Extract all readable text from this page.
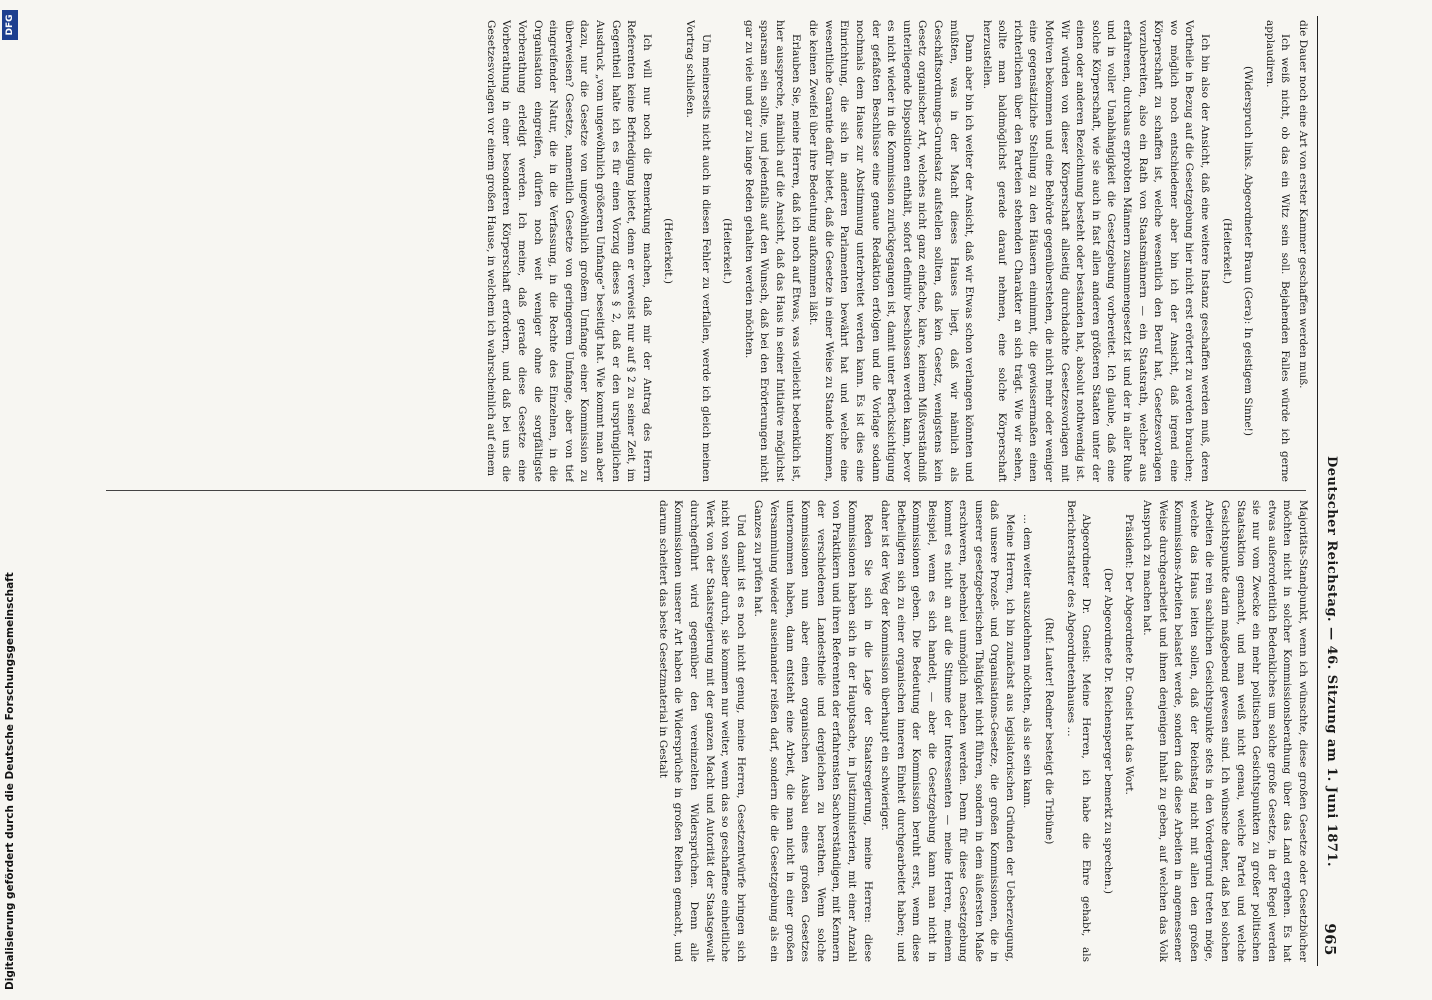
Deutscher Reichstag. — 46. Sitzung am 1. Juni 1871.
965

die Dauer noch eine Art von erster Kammer geschaffen werden muß.

Ich weiß nicht, ob das ein Witz sein soll. Bejahenden Falles würde ich gerne applaudiren.

(Widerspruch links. Abgeordneter Braun (Gera): In geistigem Sinne!)

(Heiterkeit.)

Ich bin also der Ansicht, daß eine weitere Instanz geschaffen werden muß, deren Vortheile in Bezug auf die Gesetzgebung hier nicht erst erörtert zu werden brauchen; wo möglich noch entschiedener aber bin ich der Ansicht, daß irgend eine Körperschaft zu schaffen ist, welche wesentlich den Beruf hat, Gesetzesvorlagen vorzubereiten, also ein Rath von Staatsmännern — ein Staatsrath, welcher aus erfahrenen, durchaus erprobten Männern zusammengesetzt ist und der in aller Ruhe und in voller Unabhängigkeit die Gesetzgebung vorbereitet. Ich glaube, daß eine solche Körperschaft, wie sie auch in fast allen anderen größeren Staaten unter der einen oder anderen Bezeichnung besteht oder bestanden hat, absolut nothwendig ist. Wir würden von dieser Körperschaft allseitig durchdachte Gesetzesvorlagen mit Motiven bekommen und eine Behörde gegenüberstehen, die nicht mehr oder weniger eine gegensätzliche Stellung zu den Häusern einnimmt, die gewissermaßen einen richterlichen über den Parteien stehenden Charakter an sich trägt. Wie wir sehen, sollte man baldmöglichst gerade darauf nehmen, eine solche Körperschaft herzustellen.

Dann aber bin ich weiter der Ansicht, daß wir Etwas schon verlangen könnten und müßten, was in der Macht dieses Hauses liegt, daß wir nämlich als Geschäftsordnungs-Grundsatz aufstellen sollten, daß kein Gesetz, wenigstens kein Gesetz organischer Art, welches nicht ganz einfache, klare, keinem Mißverständniß unterliegende Dispositionen enthält, sofort definitiv beschlossen werden kann, bevor es nicht wieder in die Kommission zurückgegangen ist, damit unter Berücksichtigung der gefaßten Beschlüsse eine genaue Redaktion erfolgen und die Vorlage sodann nochmals dem Hause zur Abstimmung unterbreitet werden kann. Es ist dies eine Einrichtung, die sich in anderen Parlamenten bewährt hat und welche eine wesentliche Garantie dafür bietet, daß die Gesetze in einer Weise zu Stande kommen, die keinen Zweifel über ihre Bedeutung aufkommen läßt.

Erlauben Sie, meine Herren, daß ich noch auf Etwas, was vielleicht bedenklich ist, hier ausspreche, nämlich auf die Ansicht, daß das Haus in seiner Initiative möglichst sparsam sein sollte, und jedenfalls auf den Wunsch, daß bei den Erörterungen nicht gar zu viele und gar zu lange Reden gehalten werden möchten.

(Heiterkeit.)

Um meinerseits nicht auch in diesen Fehler zu verfallen, werde ich gleich meinen Vortrag schließen.

(Heiterkeit.)

Ich will nur noch die Bemerkung machen, daß mir der Antrag des Herrn Referenten keine Befriedigung bietet, denn er verweist nur auf § 2 zu seiner Zeit, im Gegentheil halte ich es für einen Vorzug dieses § 2, daß er den ursprünglichen Ausdruck „vom ungewöhnlich größeren Umfange“ beseitigt hat. Wie kommt man aber dazu, nur die Gesetze von ungewöhnlich großem Umfange einer Kommission zu überweisen? Gesetze, namentlich Gesetze von geringerem Umfange, aber von tief eingreifender Natur, die in die Verfassung, in die Rechte des Einzelnen, in die Organisation eingreifen, dürfen noch weit weniger ohne die sorgfältigste Vorberathung erledigt werden. Ich meine, daß gerade diese Gesetze eine Vorberathung in einer besonderen Körperschaft erfordern, und daß bei uns die Gesetzesvorlagen vor einem großen Hause, in welchem ich wahrscheinlich auf einem

Majoritäts-Standpunkt, wenn ich wünschte, diese großen Gesetze oder Gesetzbücher möchten nicht in solcher Kommissionsberathung über das Land ergehen. Es hat etwas außerordentlich Bedenkliches um solche große Gesetze, in der Regel werden sie nur vom Zwecke ein mehr politischen Gesichtspunkten zu großer politischen Staatsaktion gemacht, und man weiß nicht genau, welche Partei und welche Gesichtspunkte darin maßgebend gewesen sind. Ich wünsche daher, daß bei solchen Arbeiten die rein sachlichen Gesichtspunkte stets in den Vordergrund treten möge, welche das Haus leiten sollen, daß der Reichstag nicht mit allen den großen Kommissions-Arbeiten belastet werde, sondern daß diese Arbeiten in angemessener Weise durchgearbeitet und ihnen denjenigen Inhalt zu geben, auf welchen das Volk Anspruch zu machen hat.

Präsident: Der Abgeordnete Dr. Gneist hat das Wort.

(Der Abgeordnete Dr. Reichensperger bemerkt zu sprechen.)

Abgeordneter Dr. Gneist: Meine Herren, ich habe die Ehre gehabt, als Berichterstatter des Abgeordnetenhauses ...

(Ruf: Lauter! Redner besteigt die Tribüne)

... dem weiter auszudehnen möchten, als sie sein kann.

Meine Herren, ich bin zunächst aus legislatorischen Gründen der Ueberzeugung, daß unsere Prozeß- und Organisations-Gesetze, die großen Kommissionen, die in unserer gesetzgeberischen Thätigkeit nicht führen, sondern in dem äußersten Maße erschweren, nebenbei unmöglich machen werden. Denn für diese Gesetzgebung kommt es nicht an auf die Stimme der Interessenten — meine Herren, meinem Beispiel, wenn es sich handelt, — aber die Gesetzgebung kann man nicht in Kommissionen geben. Die Bedeutung der Kommission beruht erst, wenn diese Betheiligten sich zu einer organischen inneren Einheit durchgearbeitet haben; und daher ist der Weg der Kommission überhaupt ein schwieriger.

Reden Sie sich in die Lage der Staatsregierung, meine Herren: diese Kommissionen haben sich in der Hauptsache, in Justizministerien, mit einer Anzahl von Praktikern und ihren Referenten der erfahrensten Sachverständigen, mit Kennern der verschiedenen Landestheile und dergleichen zu berathen. Wenn solche Kommissionen nun aber einen organischen Ausbau eines großen Gesetzes unternommen haben, dann entsteht eine Arbeit, die man nicht in einer großen Versammlung wieder auseinander reißen darf, sondern die die Gesetzgebung als ein Ganzes zu prüfen hat.

Und damit ist es noch nicht genug, meine Herren, Gesetzentwürfe bringen sich nicht von selber durch, sie kommen nur weiter, wenn das so geschaffene einheitliche Werk von der Staatsregierung mit der ganzen Macht und Autorität der Staatsgewalt durchgeführt wird gegenüber den vereinzelten Widersprüchen. Denn alle Kommissionen unserer Art haben die Widersprüche in großen Reihen gemacht, und darum scheitert das beste Gesetzmaterial in Gestalt

Digitalisierung gefördert durch die Deutsche Forschungsgemeinschaft
DFG
